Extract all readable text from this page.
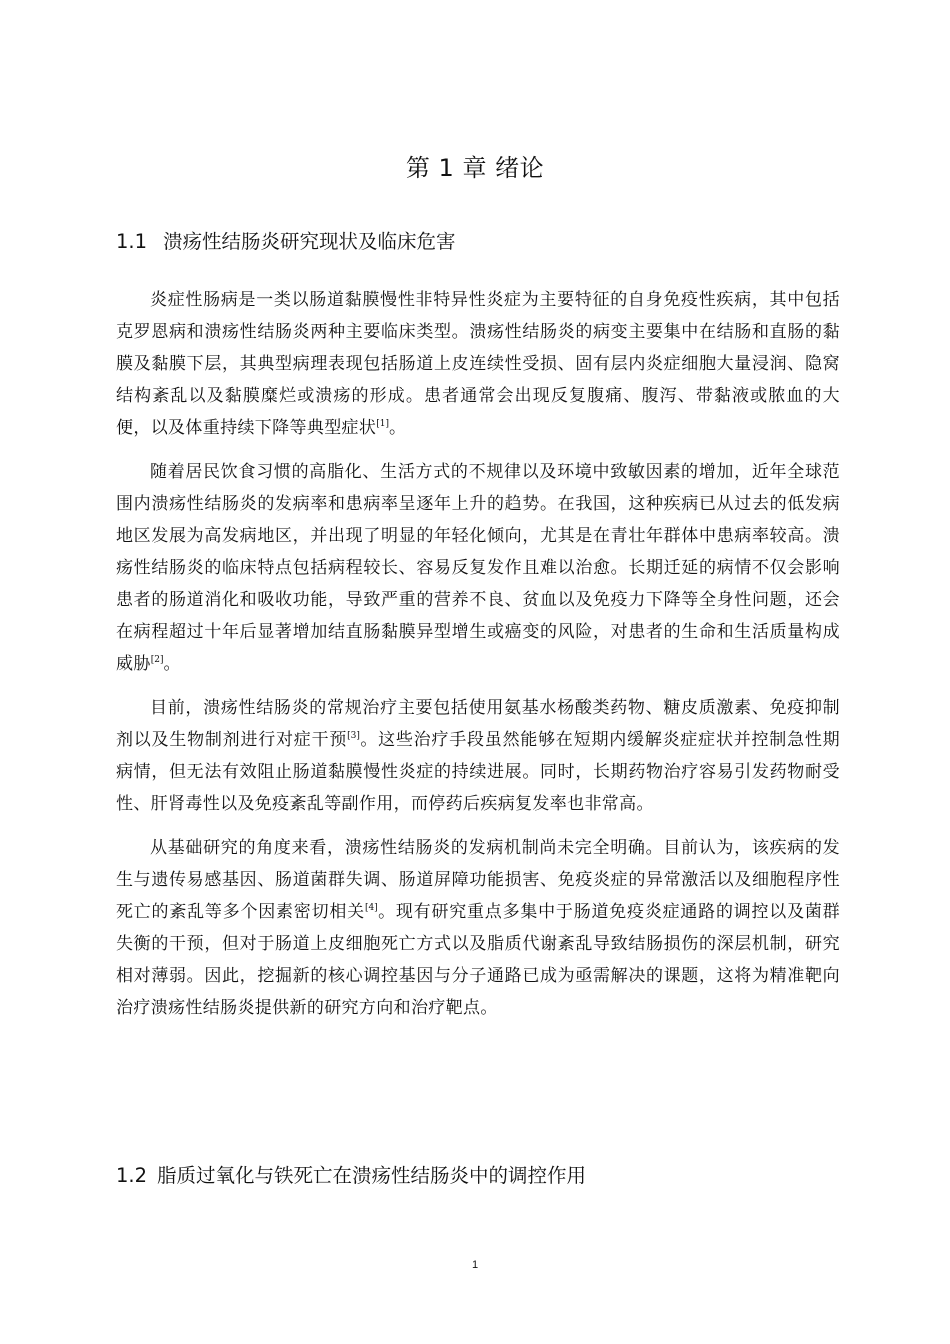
第 1 章 绪论
1.1 溃疡性结肠炎研究现状及临床危害

炎症性肠病是一类以肠道黏膜慢性非特异性炎症为主要特征的自身免疫性疾病，其中包括克罗恩病和溃疡性结肠炎两种主要临床类型。溃疡性结肠炎的病变主要集中在结肠和直肠的黏膜及黏膜下层，其典型病理表现包括肠道上皮连续性受损、固有层内炎症细胞大量浸润、隐窝结构紊乱以及黏膜糜烂或溃疡的形成。患者通常会出现反复腹痛、腹泻、带黏液或脓血的大便，以及体重持续下降等典型症状[1]。

随着居民饮食习惯的高脂化、生活方式的不规律以及环境中致敏因素的增加，近年全球范围内溃疡性结肠炎的发病率和患病率呈逐年上升的趋势。在我国，这种疾病已从过去的低发病地区发展为高发病地区，并出现了明显的年轻化倾向，尤其是在青壮年群体中患病率较高。溃疡性结肠炎的临床特点包括病程较长、容易反复发作且难以治愈。长期迁延的病情不仅会影响患者的肠道消化和吸收功能，导致严重的营养不良、贫血以及免疫力下降等全身性问题，还会在病程超过十年后显著增加结直肠黏膜异型增生或癌变的风险，对患者的生命和生活质量构成威胁[2]。

目前，溃疡性结肠炎的常规治疗主要包括使用氨基水杨酸类药物、糖皮质激素、免疫抑制剂以及生物制剂进行对症干预[3]。这些治疗手段虽然能够在短期内缓解炎症症状并控制急性期病情，但无法有效阻止肠道黏膜慢性炎症的持续进展。同时，长期药物治疗容易引发药物耐受性、肝肾毒性以及免疫紊乱等副作用，而停药后疾病复发率也非常高。

从基础研究的角度来看，溃疡性结肠炎的发病机制尚未完全明确。目前认为，该疾病的发生与遗传易感基因、肠道菌群失调、肠道屏障功能损害、免疫炎症的异常激活以及细胞程序性死亡的紊乱等多个因素密切相关[4]。现有研究重点多集中于肠道免疫炎症通路的调控以及菌群失衡的干预，但对于肠道上皮细胞死亡方式以及脂质代谢紊乱导致结肠损伤的深层机制，研究相对薄弱。因此，挖掘新的核心调控基因与分子通路已成为亟需解决的课题，这将为精准靶向治疗溃疡性结肠炎提供新的研究方向和治疗靶点。

1.2 脂质过氧化与铁死亡在溃疡性结肠炎中的调控作用
1
